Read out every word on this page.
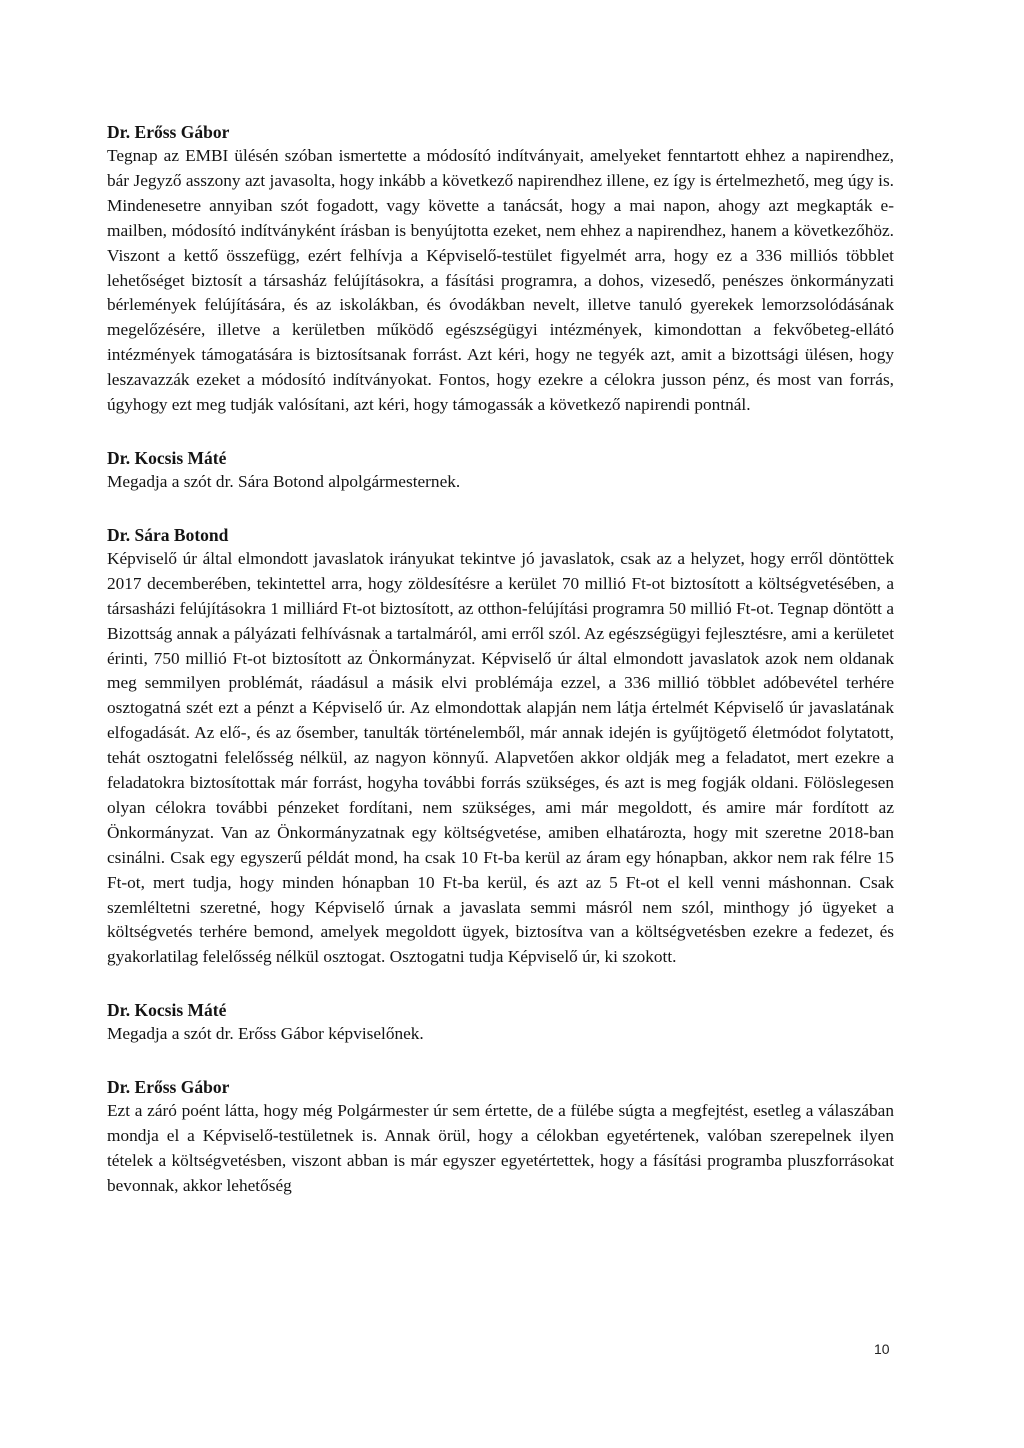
Dr. Erőss Gábor

Tegnap az EMBI ülésén szóban ismertette a módosító indítványait, amelyeket fenntartott ehhez a napirendhez, bár Jegyző asszony azt javasolta, hogy inkább a következő napirendhez illene, ez így is értelmezhető, meg úgy is. Mindenesetre annyiban szót fogadott, vagy követte a tanácsát, hogy a mai napon, ahogy azt megkapták e-mailben, módosító indítványként írásban is benyújtotta ezeket, nem ehhez a napirendhez, hanem a következőhöz. Viszont a kettő összefügg, ezért felhívja a Képviselő-testület figyelmét arra, hogy ez a 336 milliós többlet lehetőséget biztosít a társasház felújításokra, a fásítási programra, a dohos, vizesedő, penészes önkormányzati bérlemények felújítására, és az iskolákban, és óvodákban nevelt, illetve tanuló gyerekek lemorzsolódásának megelőzésére, illetve a kerületben működő egészségügyi intézmények, kimondottan a fekvőbeteg-ellátó intézmények támogatására is biztosítsanak forrást. Azt kéri, hogy ne tegyék azt, amit a bizottsági ülésen, hogy leszavazzák ezeket a módosító indítványokat. Fontos, hogy ezekre a célokra jusson pénz, és most van forrás, úgyhogy ezt meg tudják valósítani, azt kéri, hogy támogassák a következő napirendi pontnál.

Dr. Kocsis Máté

Megadja a szót dr. Sára Botond alpolgármesternek.

Dr. Sára Botond

Képviselő úr által elmondott javaslatok irányukat tekintve jó javaslatok, csak az a helyzet, hogy erről döntöttek 2017 decemberében, tekintettel arra, hogy zöldesítésre a kerület 70 millió Ft-ot biztosított a költségvetésében, a társasházi felújításokra 1 milliárd Ft-ot biztosított, az otthon-felújítási programra 50 millió Ft-ot. Tegnap döntött a Bizottság annak a pályázati felhívásnak a tartalmáról, ami erről szól. Az egészségügyi fejlesztésre, ami a kerületet érinti, 750 millió Ft-ot biztosított az Önkormányzat. Képviselő úr által elmondott javaslatok azok nem oldanak meg semmilyen problémát, ráadásul a másik elvi problémája ezzel, a 336 millió többlet adóbevétel terhére osztogatná szét ezt a pénzt a Képviselő úr. Az elmondottak alapján nem látja értelmét Képviselő úr javaslatának elfogadását. Az elő-, és az ősember, tanulták történelemből, már annak idején is gyűjtögető életmódot folytatott, tehát osztogatni felelősség nélkül, az nagyon könnyű. Alapvetően akkor oldják meg a feladatot, mert ezekre a feladatokra biztosítottak már forrást, hogyha további forrás szükséges, és azt is meg fogják oldani. Fölöslegesen olyan célokra további pénzeket fordítani, nem szükséges, ami már megoldott, és amire már fordított az Önkormányzat. Van az Önkormányzatnak egy költségvetése, amiben elhatározta, hogy mit szeretne 2018-ban csinálni. Csak egy egyszerű példát mond, ha csak 10 Ft-ba kerül az áram egy hónapban, akkor nem rak félre 15 Ft-ot, mert tudja, hogy minden hónapban 10 Ft-ba kerül, és azt az 5 Ft-ot el kell venni máshonnan. Csak szemléltetni szeretné, hogy Képviselő úrnak a javaslata semmi másról nem szól, minthogy jó ügyeket a költségvetés terhére bemond, amelyek megoldott ügyek, biztosítva van a költségvetésben ezekre a fedezet, és gyakorlatilag felelősség nélkül osztogat. Osztogatni tudja Képviselő úr, ki szokott.

Dr. Kocsis Máté

Megadja a szót dr. Erőss Gábor képviselőnek.

Dr. Erőss Gábor

Ezt a záró poént látta, hogy még Polgármester úr sem értette, de a fülébe súgta a megfejtést, esetleg a válaszában mondja el a Képviselő-testületnek is. Annak örül, hogy a célokban egyetértenek, valóban szerepelnek ilyen tételek a költségvetésben, viszont abban is már egyszer egyetértettek, hogy a fásítási programba pluszforrásokat bevonnak, akkor lehetőség

10
